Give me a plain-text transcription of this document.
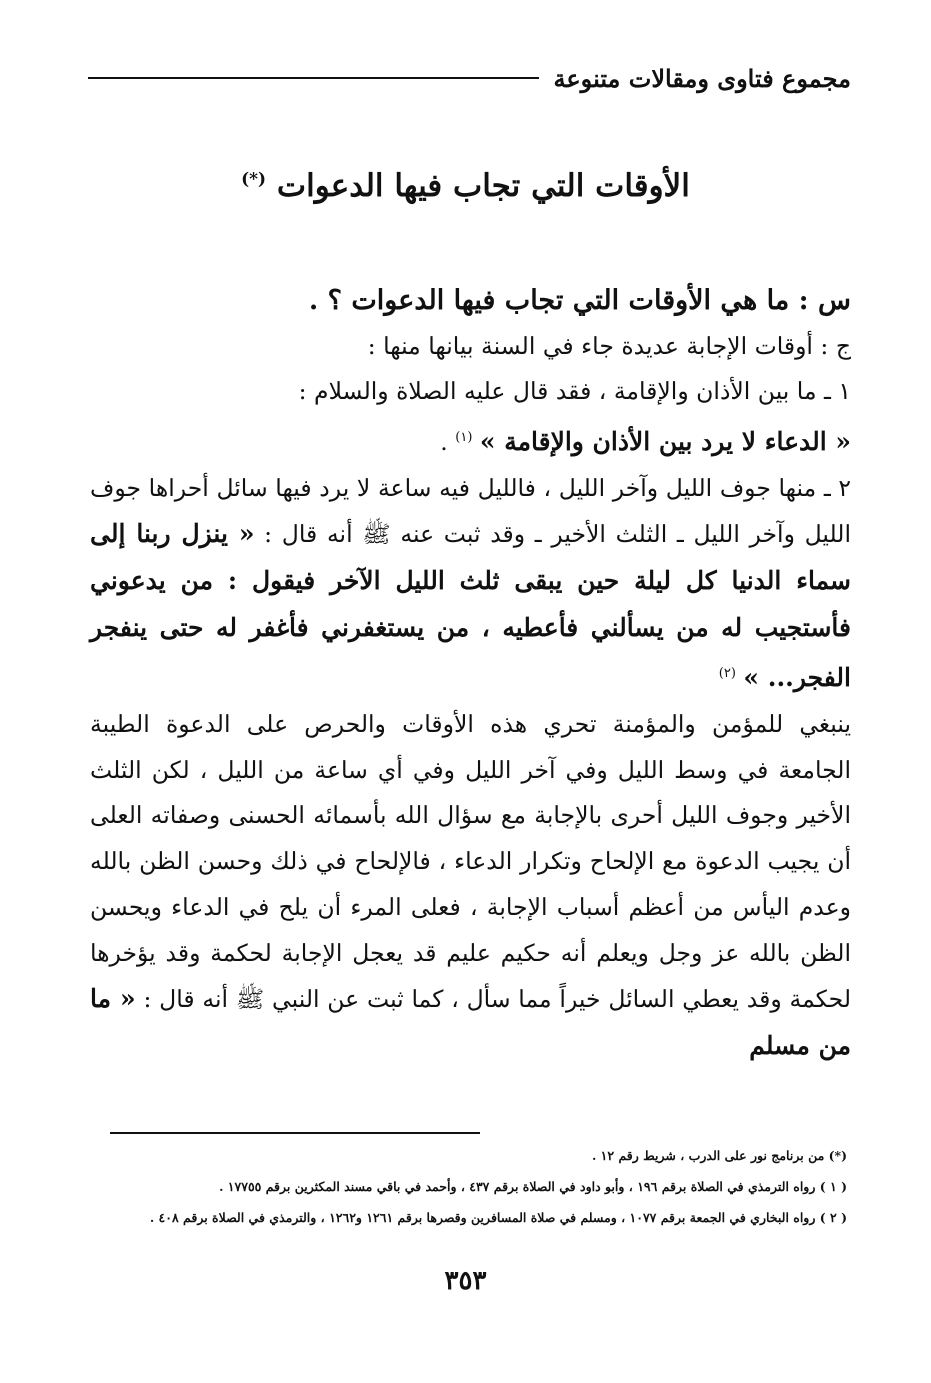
مجموع فتاوى ومقالات متنوعة
الأوقات التي تجاب فيها الدعوات (*)

س : ما هي الأوقات التي تجاب فيها الدعوات ؟ .

ج : أوقات الإجابة عديدة جاء في السنة بيانها منها :

١ ـ ما بين الأذان والإقامة ، فقد قال عليه الصلاة والسلام :

« الدعاء لا يرد بين الأذان والإقامة » $^{(١)}$ .

٢ ـ منها جوف الليل وآخر الليل ، فالليل فيه ساعة لا يرد فيها سائل أحراها جوف الليل وآخر الليل ـ الثلث الأخير ـ وقد ثبت عنه ﷺ أنه قال : « ينزل ربنا إلى سماء الدنيا كل ليلة حين يبقى ثلث الليل الآخر فيقول : من يدعوني فأستجيب له من يسألني فأعطيه ، من يستغفرني فأغفر له حتى ينفجر الفجر... » $^{(٢)}$

ينبغي للمؤمن والمؤمنة تحري هذه الأوقات والحرص على الدعوة الطيبة الجامعة في وسط الليل وفي آخر الليل وفي أي ساعة من الليل ، لكن الثلث الأخير وجوف الليل أحرى بالإجابة مع سؤال الله بأسمائه الحسنى وصفاته العلى أن يجيب الدعوة مع الإلحاح وتكرار الدعاء ، فالإلحاح في ذلك وحسن الظن بالله وعدم اليأس من أعظم أسباب الإجابة ، فعلى المرء أن يلح في الدعاء ويحسن الظن بالله عز وجل ويعلم أنه حكيم عليم قد يعجل الإجابة لحكمة وقد يؤخرها لحكمة وقد يعطي السائل خيراً مما سأل ، كما ثبت عن النبي ﷺ أنه قال : « ما من مسلم

(*) من برنامج نور على الدرب ، شريط رقم ١٢ .

( ١ ) رواه الترمذي في الصلاة برقم ١٩٦ ، وأبو داود في الصلاة برقم ٤٣٧ ، وأحمد في باقي مسند المكثرين برقم ١٧٧٥٥ .

( ٢ ) رواه البخاري في الجمعة برقم ١٠٧٧ ، ومسلم في صلاة المسافرين وقصرها برقم ١٢٦١ و١٢٦٢ ، والترمذي في الصلاة برقم ٤٠٨ .

٣٥٣
